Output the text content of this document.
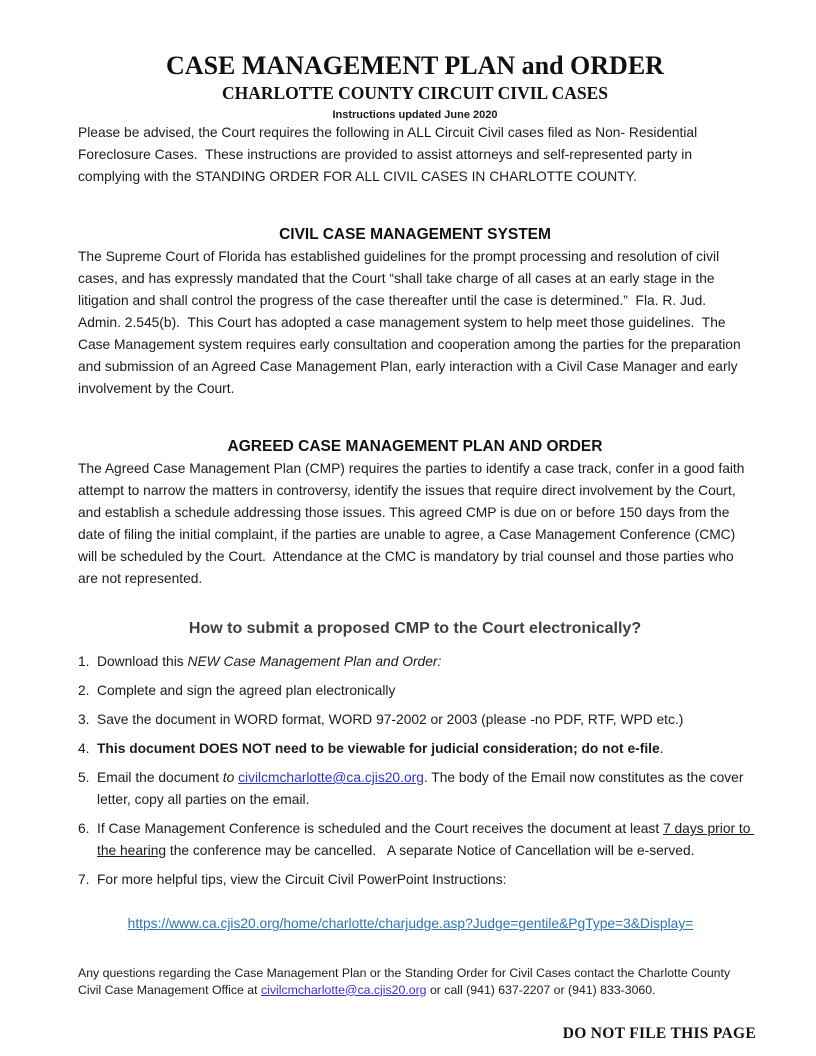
CASE MANAGEMENT PLAN and ORDER
CHARLOTTE COUNTY CIRCUIT CIVIL CASES
Instructions updated June 2020

Please be advised, the Court requires the following in ALL Circuit Civil cases filed as Non- Residential Foreclosure Cases.  These instructions are provided to assist attorneys and self-represented party in complying with the STANDING ORDER FOR ALL CIVIL CASES IN CHARLOTTE COUNTY.

CIVIL CASE MANAGEMENT SYSTEM

The Supreme Court of Florida has established guidelines for the prompt processing and resolution of civil cases, and has expressly mandated that the Court “shall take charge of all cases at an early stage in the litigation and shall control the progress of the case thereafter until the case is determined.”  Fla. R. Jud. Admin. 2.545(b).  This Court has adopted a case management system to help meet those guidelines.  The Case Management system requires early consultation and cooperation among the parties for the preparation and submission of an Agreed Case Management Plan, early interaction with a Civil Case Manager and early involvement by the Court.

AGREED CASE MANAGEMENT PLAN AND ORDER

The Agreed Case Management Plan (CMP) requires the parties to identify a case track, confer in a good faith attempt to narrow the matters in controversy, identify the issues that require direct involvement by the Court, and establish a schedule addressing those issues. This agreed CMP is due on or before 150 days from the date of filing the initial complaint, if the parties are unable to agree, a Case Management Conference (CMC) will be scheduled by the Court.  Attendance at the CMC is mandatory by trial counsel and those parties who are not represented.

How to submit a proposed CMP to the Court electronically?
1. Download this NEW Case Management Plan and Order:
2. Complete and sign the agreed plan electronically
3. Save the document in WORD format, WORD 97-2002 or 2003 (please -no PDF, RTF, WPD etc.)
4. This document DOES NOT need to be viewable for judicial consideration; do not e-file.
5. Email the document to civilcmcharlotte@ca.cjis20.org. The body of the Email now constitutes as the cover letter, copy all parties on the email.
6. If Case Management Conference is scheduled and the Court receives the document at least 7 days prior to the hearing the conference may be cancelled.   A separate Notice of Cancellation will be e-served.
7. For more helpful tips, view the Circuit Civil PowerPoint Instructions:

https://www.ca.cjis20.org/home/charlotte/charjudge.asp?Judge=gentile&PgType=3&Display=
Any questions regarding the Case Management Plan or the Standing Order for Civil Cases contact the Charlotte County Civil Case Management Office at civilcmcharlotte@ca.cjis20.org or call (941) 637-2207 or (941) 833-3060.
DO NOT FILE THIS PAGE
